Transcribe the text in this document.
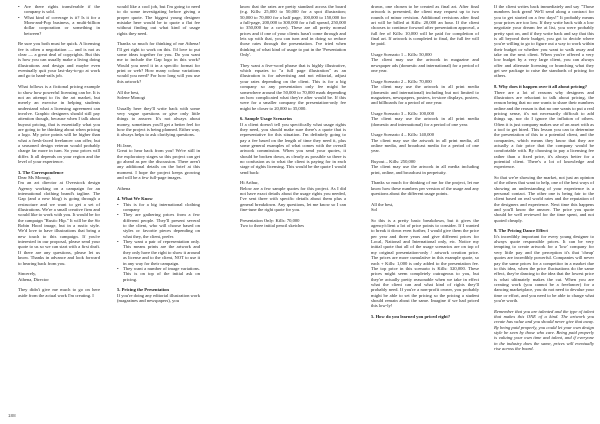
• Are there rights transferable if the company is sold.
• What kind of coverage is it? Is it for a Mom-and-Pop business, a multi-billion dollar corporation or something in between?

Be sure you both must be quick. A licensing fee is often a negotiation — and is not as clear — a great deal of copyrights. But this is how you can usually make a living doing illustrations and design and maybe even eventually quit your last-day-to-go at work and go to hand-rails job.

What follows is a fictional pricing example to show how powerful licensing can be. It is not an attempt to fix the art market, but merely an exercise in helping students understand what a licensing agreement can involve. Graphic designers should still pay attention though, because when I talk about buyout pricing, that is essentially what you are going to be thinking about when pricing a logo. My price points will be higher than what a fresh-faced freelancer can offer, but a seasoned design veteran would probably charge far more in turn. So your prices will differ. It all depends on your region and the level of your experience.

3. The Correspondence

Dear Ms Monogi,

I'm an art director at Overstock design Agency working on a campaign for an international clothing brand's tagline. The Gap (and a new blog) is going through a restructure and we want to get a set of illustrations. We're a small creative firm and would like to work with you. It would be for the campaign "Rustic Hip." It will be the Sir Robin Hood image, but in a rustic style. We'd love to have illustrations that bring a new touch to this campaign. If you're interested in our proposal, please send your quote to us so we can start with a first draft. If there are any questions, please let us know. Thanks in advance and look forward to hearing back from you.

Sincerely,

Athena, Director

They didn't give me much to go on here aside from the actual work I'm creating. I

would like a cool job, but I'm going to need to do some investigating before giving a proper quote. The biggest young designer mistake here would be to quote a flat fee without finding out what kind of usage rights they need.

Thanks so much for thinking of me Athena! I'll get right to work on this. I'd love to put some ideas together for you. Do you want me to include the Gap logo in this work? Would you need it in a specific format for print or web? How many colour variations would you need? For how long will you use this artwork?

All the best,

Solene Monogi

Usually here they'll write back with some very vague questions or give only little things to answer. It's not always about money, sometimes you'll get a better feel for how the project is being planned. Either way, it always helps to ask clarifying questions.

Hi Jane,

Great to hear back from you! We're still in the exploratory stages so this project can get go ahead as per the discussion. There aren't any additional details on the brief at this moment. I hope the project keeps growing and will be a few full-page images.

Athena

4. What We Know

• This is for a big international clothing company
• They are gathering prices from a few different people. They'll present several to the client, who will choose based on styles or favorite pieces depending on what they, the client, prefer.
• They want a pair of representation only. This means prints are the artwork and they only have the right to show it around as license and to the client, NOT to use it in any way for their campaign.
• They want a number of image variations. This is on top of the initial ask on pricing.

5. Pricing the Presentation

If you're doing any editorial illustration work (magazines and newspapers), you

know that the rates are pretty standard across the board (e.g. Kills: 25,000 to 50,000 for a spot illustration; 50,000 to 70,000 for a half page, 100,000 to 150,000 for a full-page, 200,000 to 300,000 for a full spread, 250,000 to 350,000 for a cover). These are all pretty normal prices and if one of your clients hasn't come through and lets up with that, you can turn and in doing so reduce those rates through the presentation. I've tried when thinking of what kind of usage to put in the 'Presentation Only'.

They want a five-word phrase that is highly illustrative, which equates to "a full page illustration" as an illustration is for advertising and not editorial, adjust your rates depending on the client. This is for a big company so any presentation only fee might be somewhere around the 50,000 to 70,000 mark depending on how complicated what they're after would be. If this were for a smaller company the presentation-only fee might be closer to 20,000 to 35,000.

6. Sample Usage Scenarios

If a client doesn't tell you specifically what usage rights they need, you should make sure there's a quote that is representative for this situation. I'm definitely going to pay a fee based on the length of time they need it, plus some general examples of what comes with the overall artwork commission. When you send your quotes, it should be broken down, as clearly as possible so there is no confusion as to what the client is paying for in each stage of rights licensing. This would be the quote I would send back:

Hi Arthur,

Below are a few sample quotes for this project. As I did not have exact details about the usage rights you needed, I've sent three with specific details about them plus a general breakdown. Any questions, let me know so I can fine-tune the right quote for you.

Presentation Only: Kills: 70,000

Two to three initial pencil sketches

drawn, one chosen to be created as final art. After final artwork is presented, the client may request up to two rounds of minor revision. Additional revisions after final art will be billed at Kills: 20,000 an hour. If the client chooses to continue forward after presentation approval, a full fee of Kills: 10,000 will be paid for completion of final art. If artwork is completed to final, the full fee will be paid.

Usage Scenario 1 – Kills: 50,000

The client may use the artwork in magazine and newspaper ads (domestic and international) for a period of one year.

Usage Scenario 2 – Kills: 70,000

The client may use the artwork in all print media (domestic and international) including but not limited to magazines, newspapers, posters, in-store displays, posters, and billboards for a period of one year.

Usage Scenario 3 – Kills: 100,000

The client may use the artwork in all print media (domestic and international) for a period of one year.

Usage Scenario 4 – Kills: 140,000

The client may use the artwork in all print media, all online media, and broadcast media for a period of one year.

Buyout – Kills: 250,000

The client may use the artwork in all media including print, online, and broadcast in perpetuity.

Thanks so much for thinking of me for the project, let me know how these numbers per version of the usage and any questions about the different usage points.

All the best,

Sol

So this is a pretty basic breakdown, but it gives the agency/client a lot of price points to consider. If I wanted to break it down even further, I would give them the price per year and three years and give different prices for Local, National and International only, etc. Notice my initial quote that all of the usage scenarios are on top of my original presentation-only / artwork creation price. The prices are more cumulative in this example quote, so each + Kills: 1,000 is only added to the presentation fee. The top price in this scenario is Kills: 320,000. These prices might seem completely outrageous to you, but they're actually pretty reasonable when we take in effect what the client can and what kind of rights they'll probably need. If you're a non-profit owner, you probably might be able to set the pricing so the pricing a student should remain about the same. Imagine if we had priced this low-ly!

5. How do you learned you priced right?

If the client writes back immediately and say "Those numbers look great! We'll send along a contract for you to get started on a few days!" It probably means your prices are too low. If they write back with a low negotiate your dream fee at list, you were probably pretty spot on, and if they write back and say that this is all beyond their budget, you got to decide where you're willing to go to figure out a way to work within their budget or whether you want to walk away and take on the next client. When you're offered a very low budget by a very large client, you can always offer and alternate licensing or branching what they get see package to raise the standards of pricing for others.

8. Why does it happen over it all about pricing?

There are a lot of reasons why designers and illustrators are reluctant to talk about pricing, the reason being that no one wants to share their numbers online and the reason is that no one wants to put a real pricing sense, it's not necessarily difficult to add things up, nor do I ignore the inflation of others. Often it is just company makes use of an asset with as a tool to get hired. This lesson you can to determine the presentation of this to a potential client, and the companies, which means they know that they are actually a fair price that the company would be comfortable with. By choosing to pay a licensing fee rather than a fixed price, it's always better for a potential client. There's a lot of knowledge and experience.

So that we're showing the market, not just an opinion of the others that want to help, one of the best ways of showing an understanding of your experience is a personal contact. The other one is being fair to the client based on real world rates and the reputation of the designers and experience. Next time this happens and you'll know the answer. The price you quote should be well reviewed for the time spent, and not quoted cheaply.

9. The Pricing Dance Effect

It's incredibly important for every young designer to always quote responsible prices. It can be very tempting to create artwork for a 'low' company for very little pay and the perception it's that 'cheap' quotes are incredibly powerful. Companies will never pay the same prices for a competitor in a market due to this idea, when the price fluctuations do the same effect, they're dancing to the idea that the lowest price is what ultimately makes the cut. When you are creating work (you cannot be a freelancer) for a dancing marketplace, you do not need to devalue your time or effort, and you need to be able to charge what you're worth.

Remember that you are talented and the type of talent that makes this ONE of a kind. The artwork you create has value and you should never give that away. By being paid properly, you could let your own design style be seen by those who care. Being paid properly is valuing your own time and talent, and if everyone in the industry does the same, prices will eventually rise across the board.

188
